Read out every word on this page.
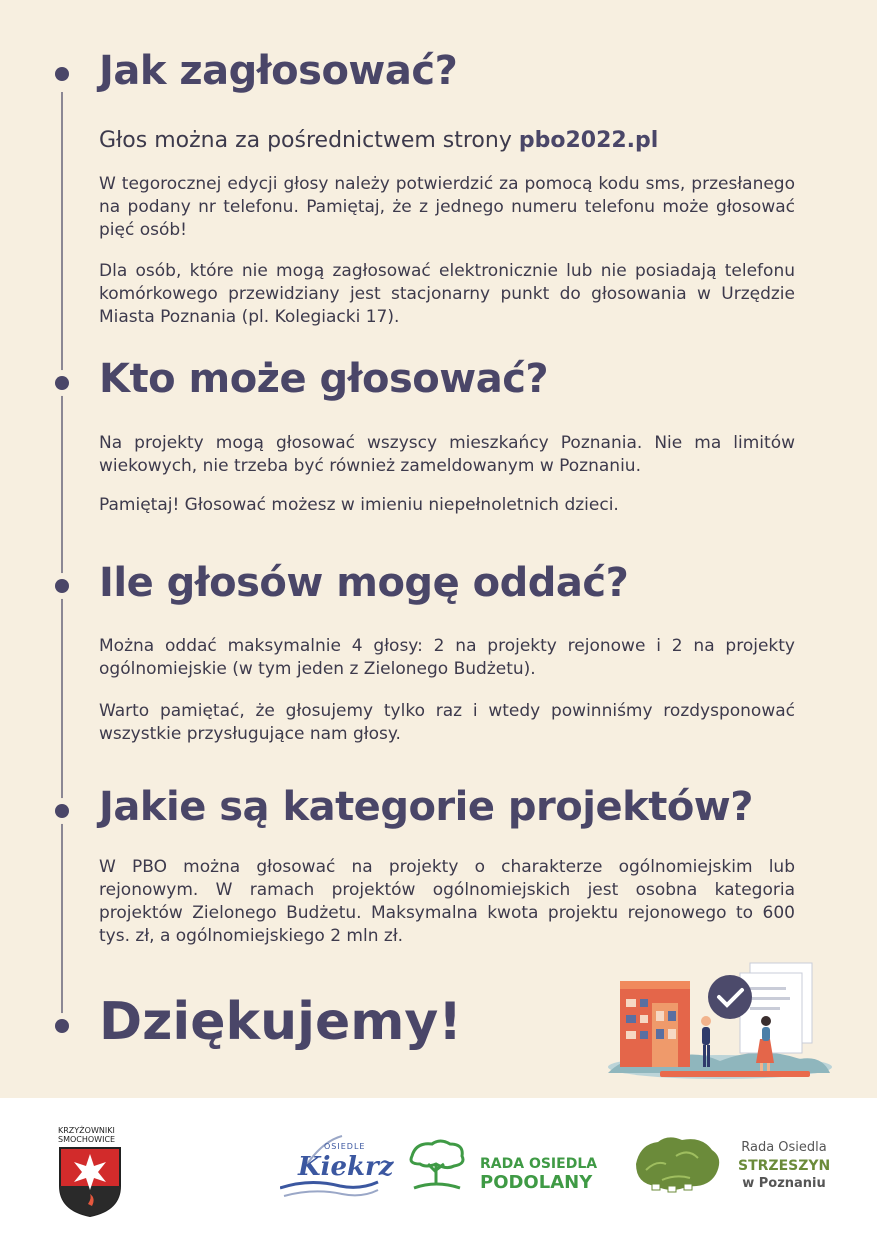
Jak zagłosować?

Głos można za pośrednictwem strony pbo2022.pl

W tegorocznej edycji głosy należy potwierdzić za pomocą kodu sms, przesłanego na podany nr telefonu. Pamiętaj, że z jednego numeru telefonu może głosować pięć osób!

Dla osób, które nie mogą zagłosować elektronicznie lub nie posiadają telefonu komórkowego przewidziany jest stacjonarny punkt do głosowania w Urzędzie Miasta Poznania (pl. Kolegiacki 17).

Kto może głosować?

Na projekty mogą głosować wszyscy mieszkańcy Poznania. Nie ma limitów wiekowych, nie trzeba być również zameldowanym w Poznaniu.

Pamiętaj! Głosować możesz w imieniu niepełnoletnich dzieci.

Ile głosów mogę oddać?

Można oddać maksymalnie 4 głosy: 2 na projekty rejonowe i 2 na projekty ogólnomiejskie (w tym jeden z Zielonego Budżetu).

Warto pamiętać, że głosujemy tylko raz i wtedy powinniśmy rozdysponować wszystkie przysługujące nam głosy.

Jakie są kategorie projektów?

W PBO można głosować na projekty o charakterze ogólnomiejskim lub rejonowym. W ramach projektów ogólnomiejskich jest osobna kategoria projektów Zielonego Budżetu. Maksymalna kwota projektu rejonowego to 600 tys. zł, a ogólnomiejskiego 2 mln zł.

Dziękujemy!
KRZYŻOWNIKI
SMOCHOWICE
OSIEDLE
Kiekrz	RADA OSIEDLA
PODOLANY
Rada Osiedla
STRZESZYN
w Poznaniu
